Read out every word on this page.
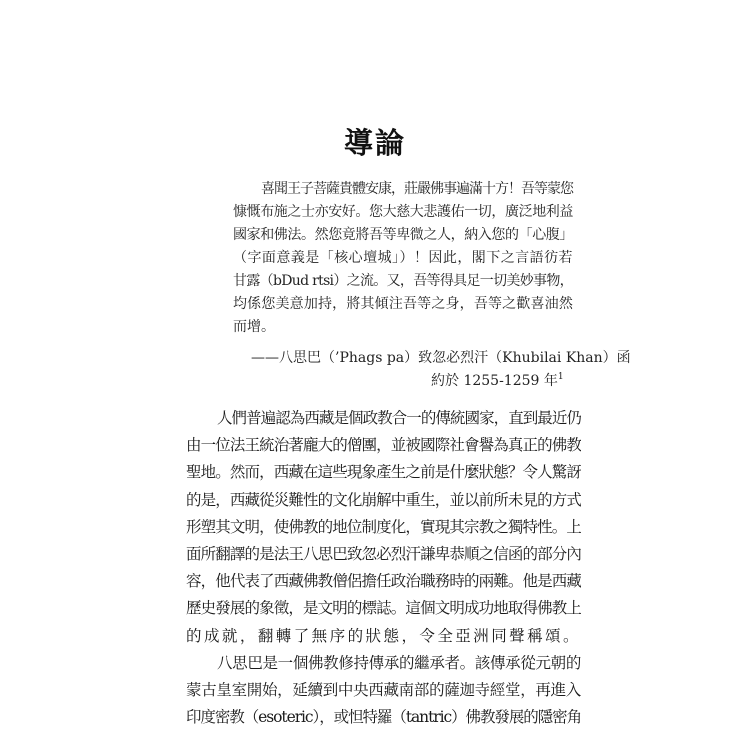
導論
喜聞王子菩薩貴體安康，莊嚴佛事遍滿十方！吾等蒙您
慷慨布施之士亦安好。您大慈大悲護佑一切，廣泛地利益
國家和佛法。然您竟將吾等卑微之人，納入您的「心腹」
（字面意義是「核心壇城」）！因此，閣下之言語彷若
甘露（bDud rtsi）之流。又，吾等得具足一切美妙事物，
均係您美意加持，將其傾注吾等之身，吾等之歡喜油然
而增。
——八思巴（’Phags pa）致忽必烈汗（Khubilai Khan）函
約於 1255-1259 年$^1$
人們普遍認為西藏是個政教合一的傳統國家，直到最近仍
由一位法王統治著龐大的僧團，並被國際社會譽為真正的佛教
聖地。然而，西藏在這些現象產生之前是什麼狀態？令人驚訝
的是，西藏從災難性的文化崩解中重生，並以前所未見的方式
形塑其文明，使佛教的地位制度化，實現其宗教之獨特性。上
面所翻譯的是法王八思巴致忽必烈汗謙卑恭順之信函的部分內
容，他代表了西藏佛教僧侶擔任政治職務時的兩難。他是西藏
歷史發展的象徵，是文明的標誌。這個文明成功地取得佛教上
的成就，翻轉了無序的狀態，令全亞洲同聲稱頌。
八思巴是一個佛教修持傳承的繼承者。該傳承從元朝的
蒙古皇室開始，延續到中央西藏南部的薩迦寺經堂，再進入
印度密教（esoteric），或怛特羅（tantric）佛教發展的隱密角
